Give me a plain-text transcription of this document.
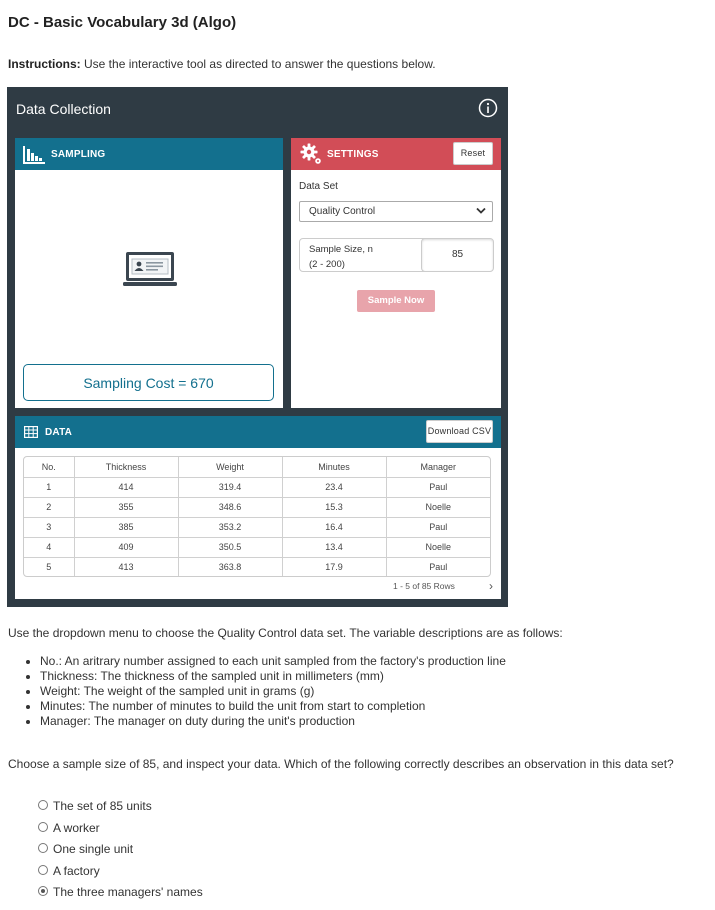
DC - Basic Vocabulary 3d (Algo)
Instructions: Use the interactive tool as directed to answer the questions below.
Data Collection
SAMPLING
Sampling Cost = 670
SETTINGS	Reset
Data Set
Quality Control
Sample Size, n
(2 - 200)
85
Sample Now
DATA	Download CSV
No.	Thickness	Weight	Minutes	Manager
1	414	319.4	23.4	Paul
2	355	348.6	15.3	Noelle
3	385	353.2	16.4	Paul
4	409	350.5	13.4	Noelle
5	413	363.8	17.9	Paul
1 - 5 of 85 Rows	›
Use the dropdown menu to choose the Quality Control data set. The variable descriptions are as follows:
• No.: An aritrary number assigned to each unit sampled from the factory's production line
• Thickness: The thickness of the sampled unit in millimeters (mm)
• Weight: The weight of the sampled unit in grams (g)
• Minutes: The number of minutes to build the unit from start to completion
• Manager: The manager on duty during the unit's production
Choose a sample size of 85, and inspect your data. Which of the following correctly describes an observation in this data set?
The set of 85 units
A worker
One single unit
A factory
The three managers' names
